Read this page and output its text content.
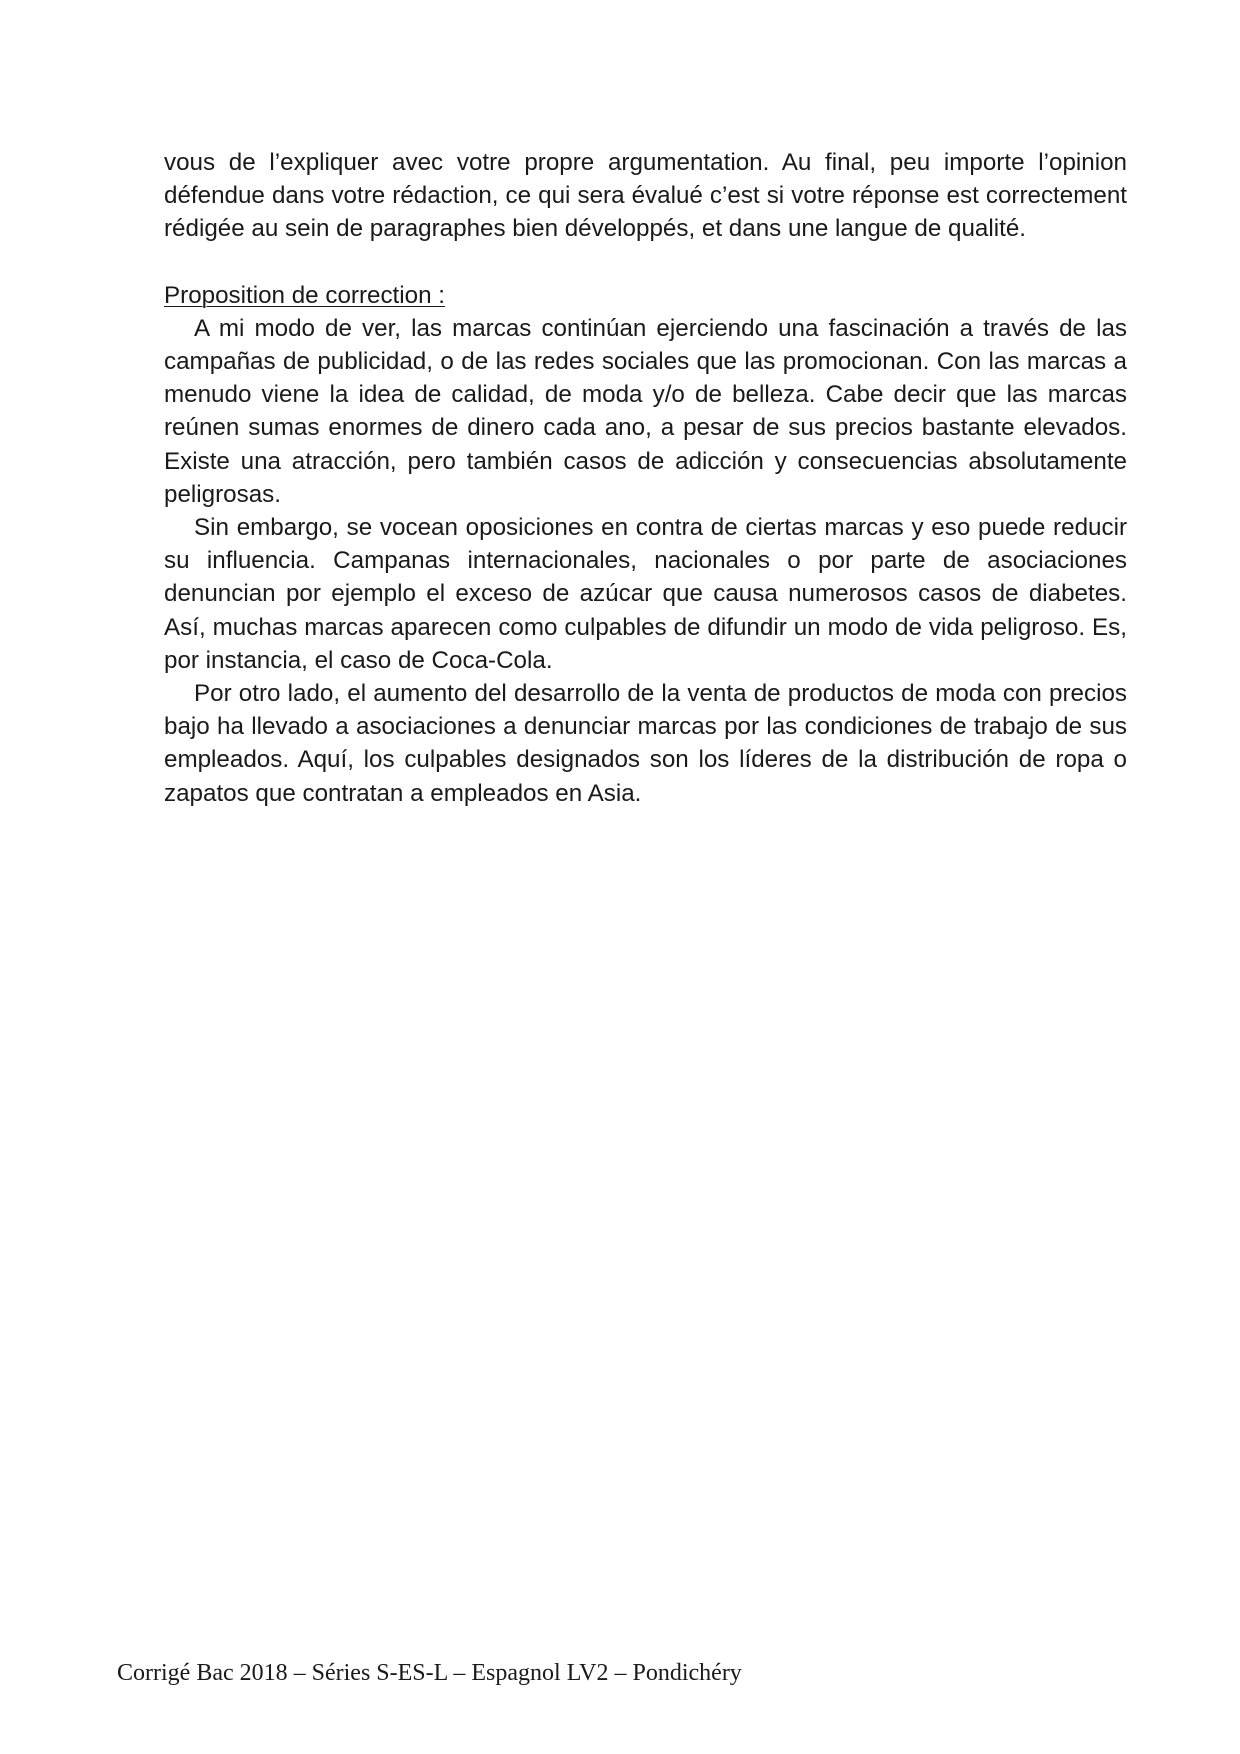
vous de l’expliquer avec votre propre argumentation. Au final, peu importe l’opinion défendue dans votre rédaction, ce qui sera évalué c’est si votre réponse est correctement rédigée au sein de paragraphes bien développés, et dans une langue de qualité.

Proposition de correction :

A mi modo de ver, las marcas continúan ejerciendo una fascinación a través de las campañas de publicidad, o de las redes sociales que las promocionan. Con las marcas a menudo viene la idea de calidad, de moda y/o de belleza. Cabe decir que las marcas reúnen sumas enormes de dinero cada ano, a pesar de sus precios bastante elevados. Existe una atracción, pero también casos de adicción y consecuencias absolutamente peligrosas.

Sin embargo, se vocean oposiciones en contra de ciertas marcas y eso puede reducir su influencia. Campanas internacionales, nacionales o por parte de asociaciones denuncian por ejemplo el exceso de azúcar que causa numerosos casos de diabetes. Así, muchas marcas aparecen como culpables de difundir un modo de vida peligroso. Es, por instancia, el caso de Coca-Cola.

Por otro lado, el aumento del desarrollo de la venta de productos de moda con precios bajo ha llevado a asociaciones a denunciar marcas por las condiciones de trabajo de sus empleados. Aquí, los culpables designados son los líderes de la distribución de ropa o zapatos que contratan a empleados en Asia.

Corrigé Bac 2018 – Séries S-ES-L – Espagnol LV2 – Pondichéry
